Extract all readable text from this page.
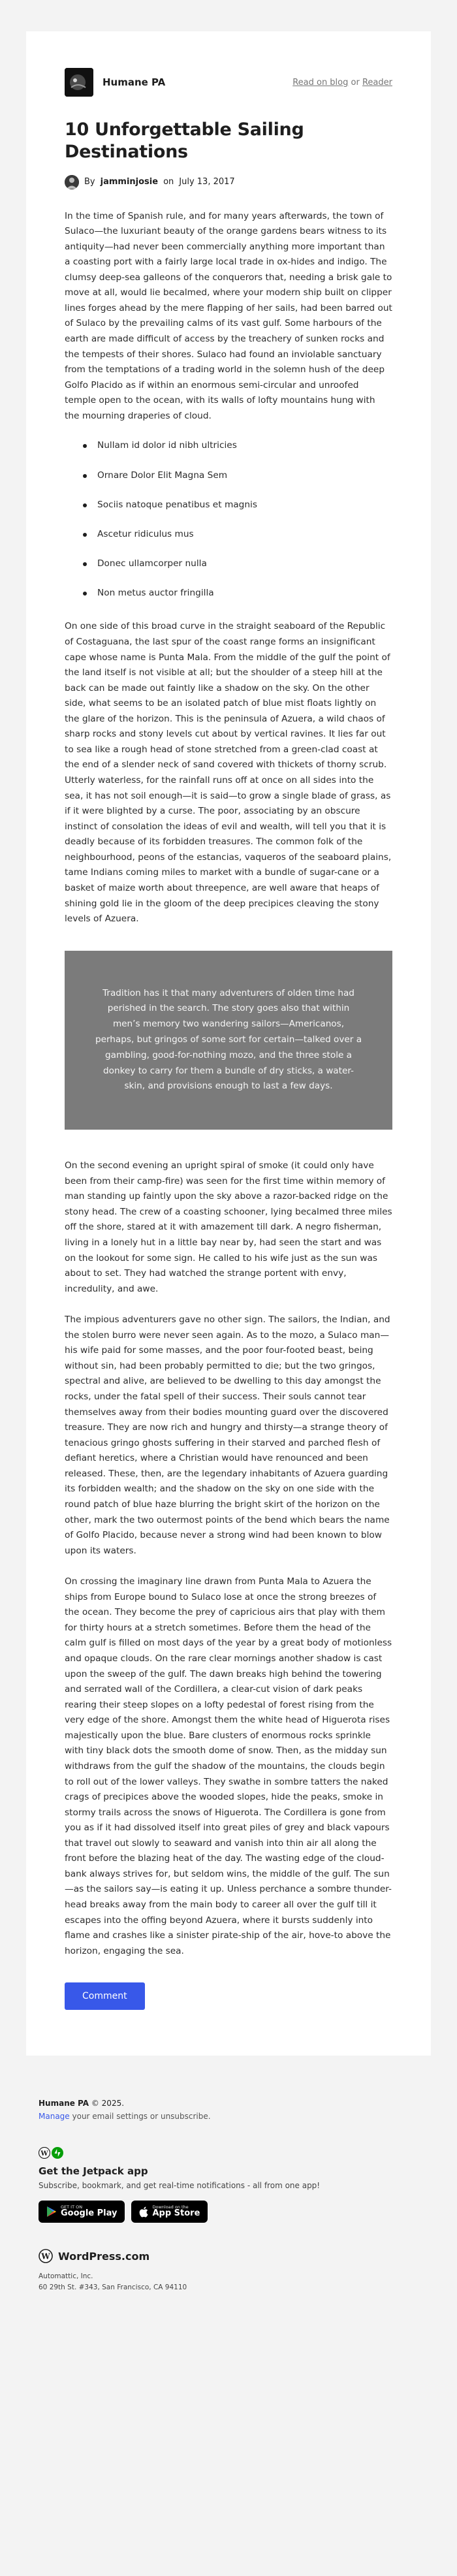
Humane PA	Read on blog or Reader
10 Unforgettable Sailing Destinations
By jamminjosie on July 13, 2017

In the time of Spanish rule, and for many years afterwards, the town of Sulaco—the luxuriant beauty of the orange gardens bears witness to its antiquity—had never been commercially anything more important than a coasting port with a fairly large local trade in ox-hides and indigo. The clumsy deep-sea galleons of the conquerors that, needing a brisk gale to move at all, would lie becalmed, where your modern ship built on clipper lines forges ahead by the mere flapping of her sails, had been barred out of Sulaco by the prevailing calms of its vast gulf. Some harbours of the earth are made difficult of access by the treachery of sunken rocks and the tempests of their shores. Sulaco had found an inviolable sanctuary from the temptations of a trading world in the solemn hush of the deep Golfo Placido as if within an enormous semi-circular and unroofed temple open to the ocean, with its walls of lofty mountains hung with the mourning draperies of cloud.

Nullam id dolor id nibh ultricies
Ornare Dolor Elit Magna Sem
Sociis natoque penatibus et magnis
Ascetur ridiculus mus
Donec ullamcorper nulla
Non metus auctor fringilla

On one side of this broad curve in the straight seaboard of the Republic of Costaguana, the last spur of the coast range forms an insignificant cape whose name is Punta Mala. From the middle of the gulf the point of the land itself is not visible at all; but the shoulder of a steep hill at the back can be made out faintly like a shadow on the sky. On the other side, what seems to be an isolated patch of blue mist floats lightly on the glare of the horizon. This is the peninsula of Azuera, a wild chaos of sharp rocks and stony levels cut about by vertical ravines. It lies far out to sea like a rough head of stone stretched from a green-clad coast at the end of a slender neck of sand covered with thickets of thorny scrub. Utterly waterless, for the rainfall runs off at once on all sides into the sea, it has not soil enough—it is said—to grow a single blade of grass, as if it were blighted by a curse. The poor, associating by an obscure instinct of consolation the ideas of evil and wealth, will tell you that it is deadly because of its forbidden treasures. The common folk of the neighbourhood, peons of the estancias, vaqueros of the seaboard plains, tame Indians coming miles to market with a bundle of sugar-cane or a basket of maize worth about threepence, are well aware that heaps of shining gold lie in the gloom of the deep precipices cleaving the stony levels of Azuera.

Tradition has it that many adventurers of olden time had perished in the search. The story goes also that within men’s memory two wandering sailors—Americanos, perhaps, but gringos of some sort for certain—talked over a gambling, good-for-nothing mozo, and the three stole a donkey to carry for them a bundle of dry sticks, a water-skin, and provisions enough to last a few days.

On the second evening an upright spiral of smoke (it could only have been from their camp-fire) was seen for the first time within memory of man standing up faintly upon the sky above a razor-backed ridge on the stony head. The crew of a coasting schooner, lying becalmed three miles off the shore, stared at it with amazement till dark. A negro fisherman, living in a lonely hut in a little bay near by, had seen the start and was on the lookout for some sign. He called to his wife just as the sun was about to set. They had watched the strange portent with envy, incredulity, and awe.

The impious adventurers gave no other sign. The sailors, the Indian, and the stolen burro were never seen again. As to the mozo, a Sulaco man—his wife paid for some masses, and the poor four-footed beast, being without sin, had been probably permitted to die; but the two gringos, spectral and alive, are believed to be dwelling to this day amongst the rocks, under the fatal spell of their success. Their souls cannot tear themselves away from their bodies mounting guard over the discovered treasure. They are now rich and hungry and thirsty—a strange theory of tenacious gringo ghosts suffering in their starved and parched flesh of defiant heretics, where a Christian would have renounced and been released. These, then, are the legendary inhabitants of Azuera guarding its forbidden wealth; and the shadow on the sky on one side with the round patch of blue haze blurring the bright skirt of the horizon on the other, mark the two outermost points of the bend which bears the name of Golfo Placido, because never a strong wind had been known to blow upon its waters.

On crossing the imaginary line drawn from Punta Mala to Azuera the ships from Europe bound to Sulaco lose at once the strong breezes of the ocean. They become the prey of capricious airs that play with them for thirty hours at a stretch sometimes. Before them the head of the calm gulf is filled on most days of the year by a great body of motionless and opaque clouds. On the rare clear mornings another shadow is cast upon the sweep of the gulf. The dawn breaks high behind the towering and serrated wall of the Cordillera, a clear-cut vision of dark peaks rearing their steep slopes on a lofty pedestal of forest rising from the very edge of the shore. Amongst them the white head of Higuerota rises majestically upon the blue. Bare clusters of enormous rocks sprinkle with tiny black dots the smooth dome of snow. Then, as the midday sun withdraws from the gulf the shadow of the mountains, the clouds begin to roll out of the lower valleys. They swathe in sombre tatters the naked crags of precipices above the wooded slopes, hide the peaks, smoke in stormy trails across the snows of Higuerota. The Cordillera is gone from you as if it had dissolved itself into great piles of grey and black vapours that travel out slowly to seaward and vanish into thin air all along the front before the blazing heat of the day. The wasting edge of the cloud-bank always strives for, but seldom wins, the middle of the gulf. The sun—as the sailors say—is eating it up. Unless perchance a sombre thunder-head breaks away from the main body to career all over the gulf till it escapes into the offing beyond Azuera, where it bursts suddenly into flame and crashes like a sinister pirate-ship of the air, hove-to above the horizon, engaging the sea.

Comment
Humane PA © 2025.
Manage your email settings or unsubscribe.
W
Get the Jetpack app
Subscribe, bookmark, and get real-time notifications - all from one app!
GET IT ON
Google Play
Download on the
App Store
W WordPress.com
Automattic, Inc.
60 29th St. #343, San Francisco, CA 94110
